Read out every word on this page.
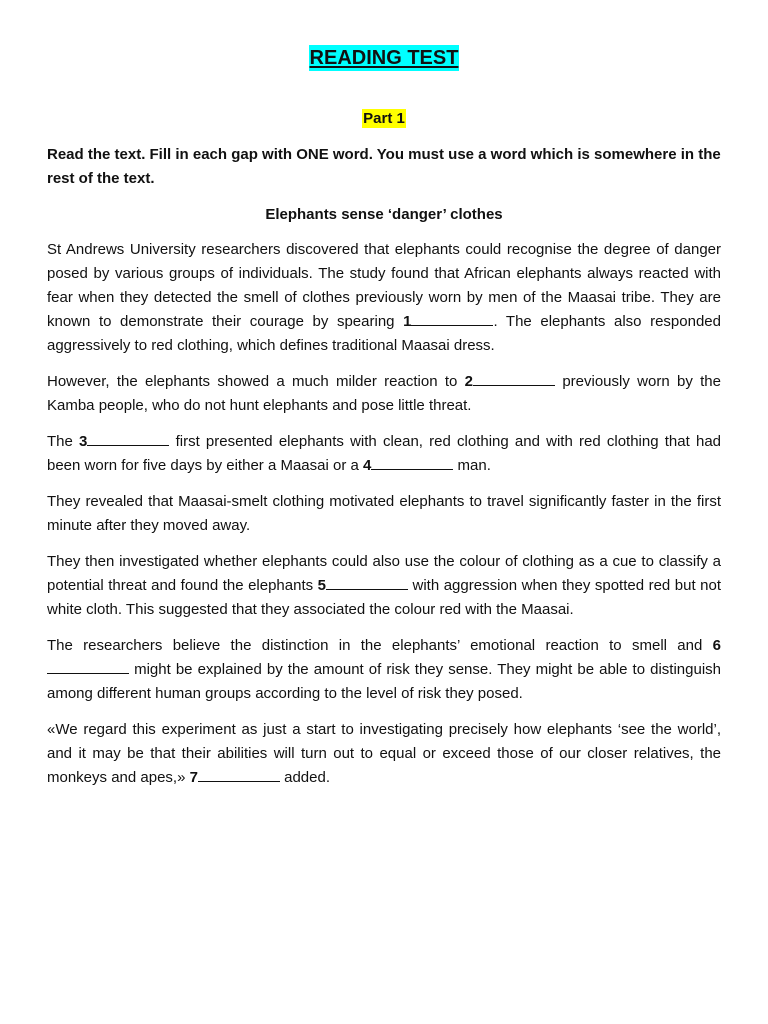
READING TEST
Part 1

Read the text. Fill in each gap with ONE word. You must use a word which is somewhere in the rest of the text.

Elephants sense ‘danger’ clothes

St Andrews University researchers discovered that elephants could recognise the degree of danger posed by various groups of individuals. The study found that African elephants always reacted with fear when they detected the smell of clothes previously worn by men of the Maasai tribe. They are known to demonstrate their courage by spearing 1	. The elephants also responded aggressively to red clothing, which defines traditional Maasai dress.

However, the elephants showed a much milder reaction to 2	previously worn by the Kamba people, who do not hunt elephants and pose little threat.

The 3	first presented elephants with clean, red clothing and with red clothing that had been worn for five days by either a Maasai or a 4	man.

They revealed that Maasai-smelt clothing motivated elephants to travel significantly faster in the first minute after they moved away.

They then investigated whether elephants could also use the colour of clothing as a cue to classify a potential threat and found the elephants 5	with aggression when they spotted red but not white cloth. This suggested that they associated the colour red with the Maasai.

The researchers believe the distinction in the elephants’ emotional reaction to smell and 6 might be explained by the amount of risk they sense. They might be able to distinguish among different human groups according to the level of risk they posed.

«We regard this experiment as just a start to investigating precisely how elephants ‘see the world’, and it may be that their abilities will turn out to equal or exceed those of our closer relatives, the monkeys and apes,» 7	added.
